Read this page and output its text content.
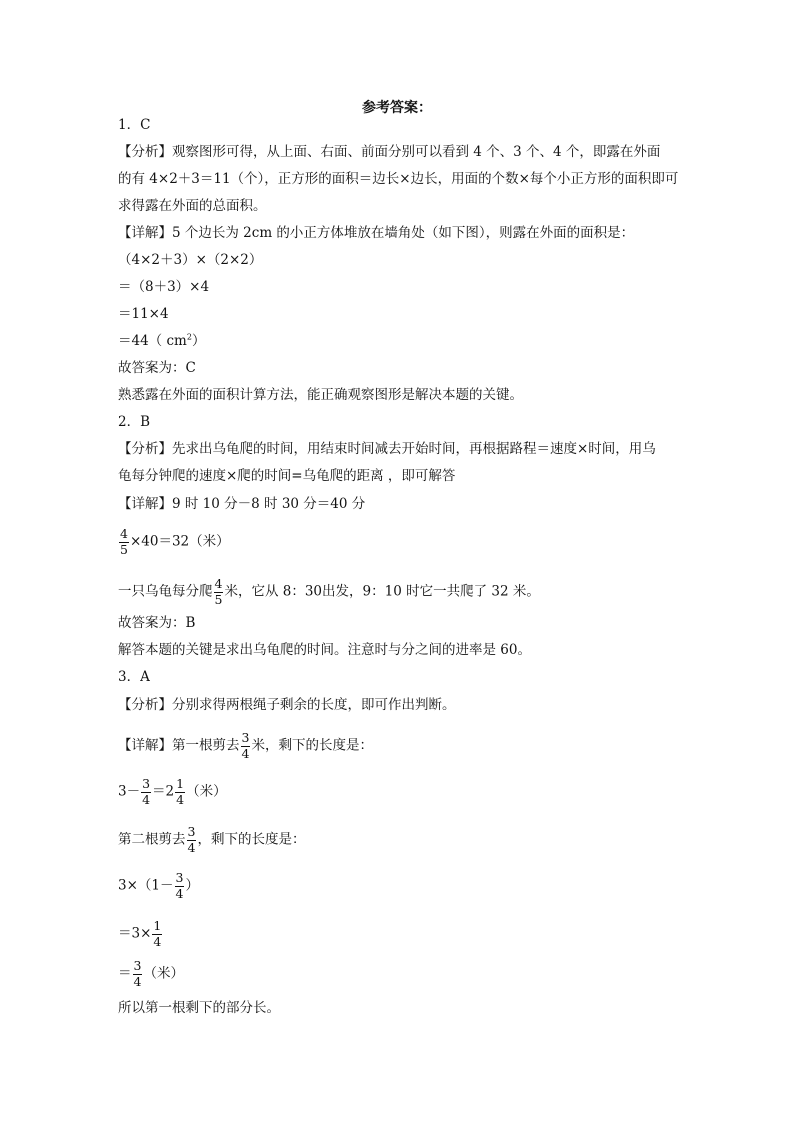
参考答案：
1．C
【分析】观察图形可得，从上面、右面、前面分别可以看到 4 个、3 个、4 个，即露在外面
的有 4×2＋3＝11（个），正方形的面积＝边长×边长，用面的个数×每个小正方形的面积即可
求得露在外面的总面积。
【详解】5 个边长为 2cm 的小正方体堆放在墙角处（如下图），则露在外面的面积是：
（4×2＋3）×（2×2）
＝（8＋3）×4
＝11×4
＝44（ $cm^2$）
故答案为：C
熟悉露在外面的面积计算方法，能正确观察图形是解决本题的关键。
2．B
【分析】先求出乌龟爬的时间，用结束时间减去开始时间，再根据路程＝速度×时间，用乌
龟每分钟爬的速度×爬的时间=乌龟爬的距离 ，即可解答
【详解】9 时 10 分－8 时 30 分＝40 分
$\frac{4}{5} \times 40=32$（米）
一只乌龟每分爬 $\frac{4}{5}$ 米，它从 8：30出发，9：10 时它一共爬了 32 米。
故答案为：B
解答本题的关键是求出乌龟爬的时间。注意时与分之间的进率是 60。
3．A
【分析】分别求得两根绳子剩余的长度，即可作出判断。
【详解】第一根剪去 $\frac{3}{4}$ 米，剩下的长度是：
$3- \frac{3}{4} =2 \frac{1}{4}$ （米）
第二根剪去 $\frac{3}{4}$ ，剩下的长度是：
$3\times(1- \frac{3}{4}$ ）
$=3\times \frac{1}{4}$
＝ $\frac{3}{4}$ （米）
所以第一根剩下的部分长。
